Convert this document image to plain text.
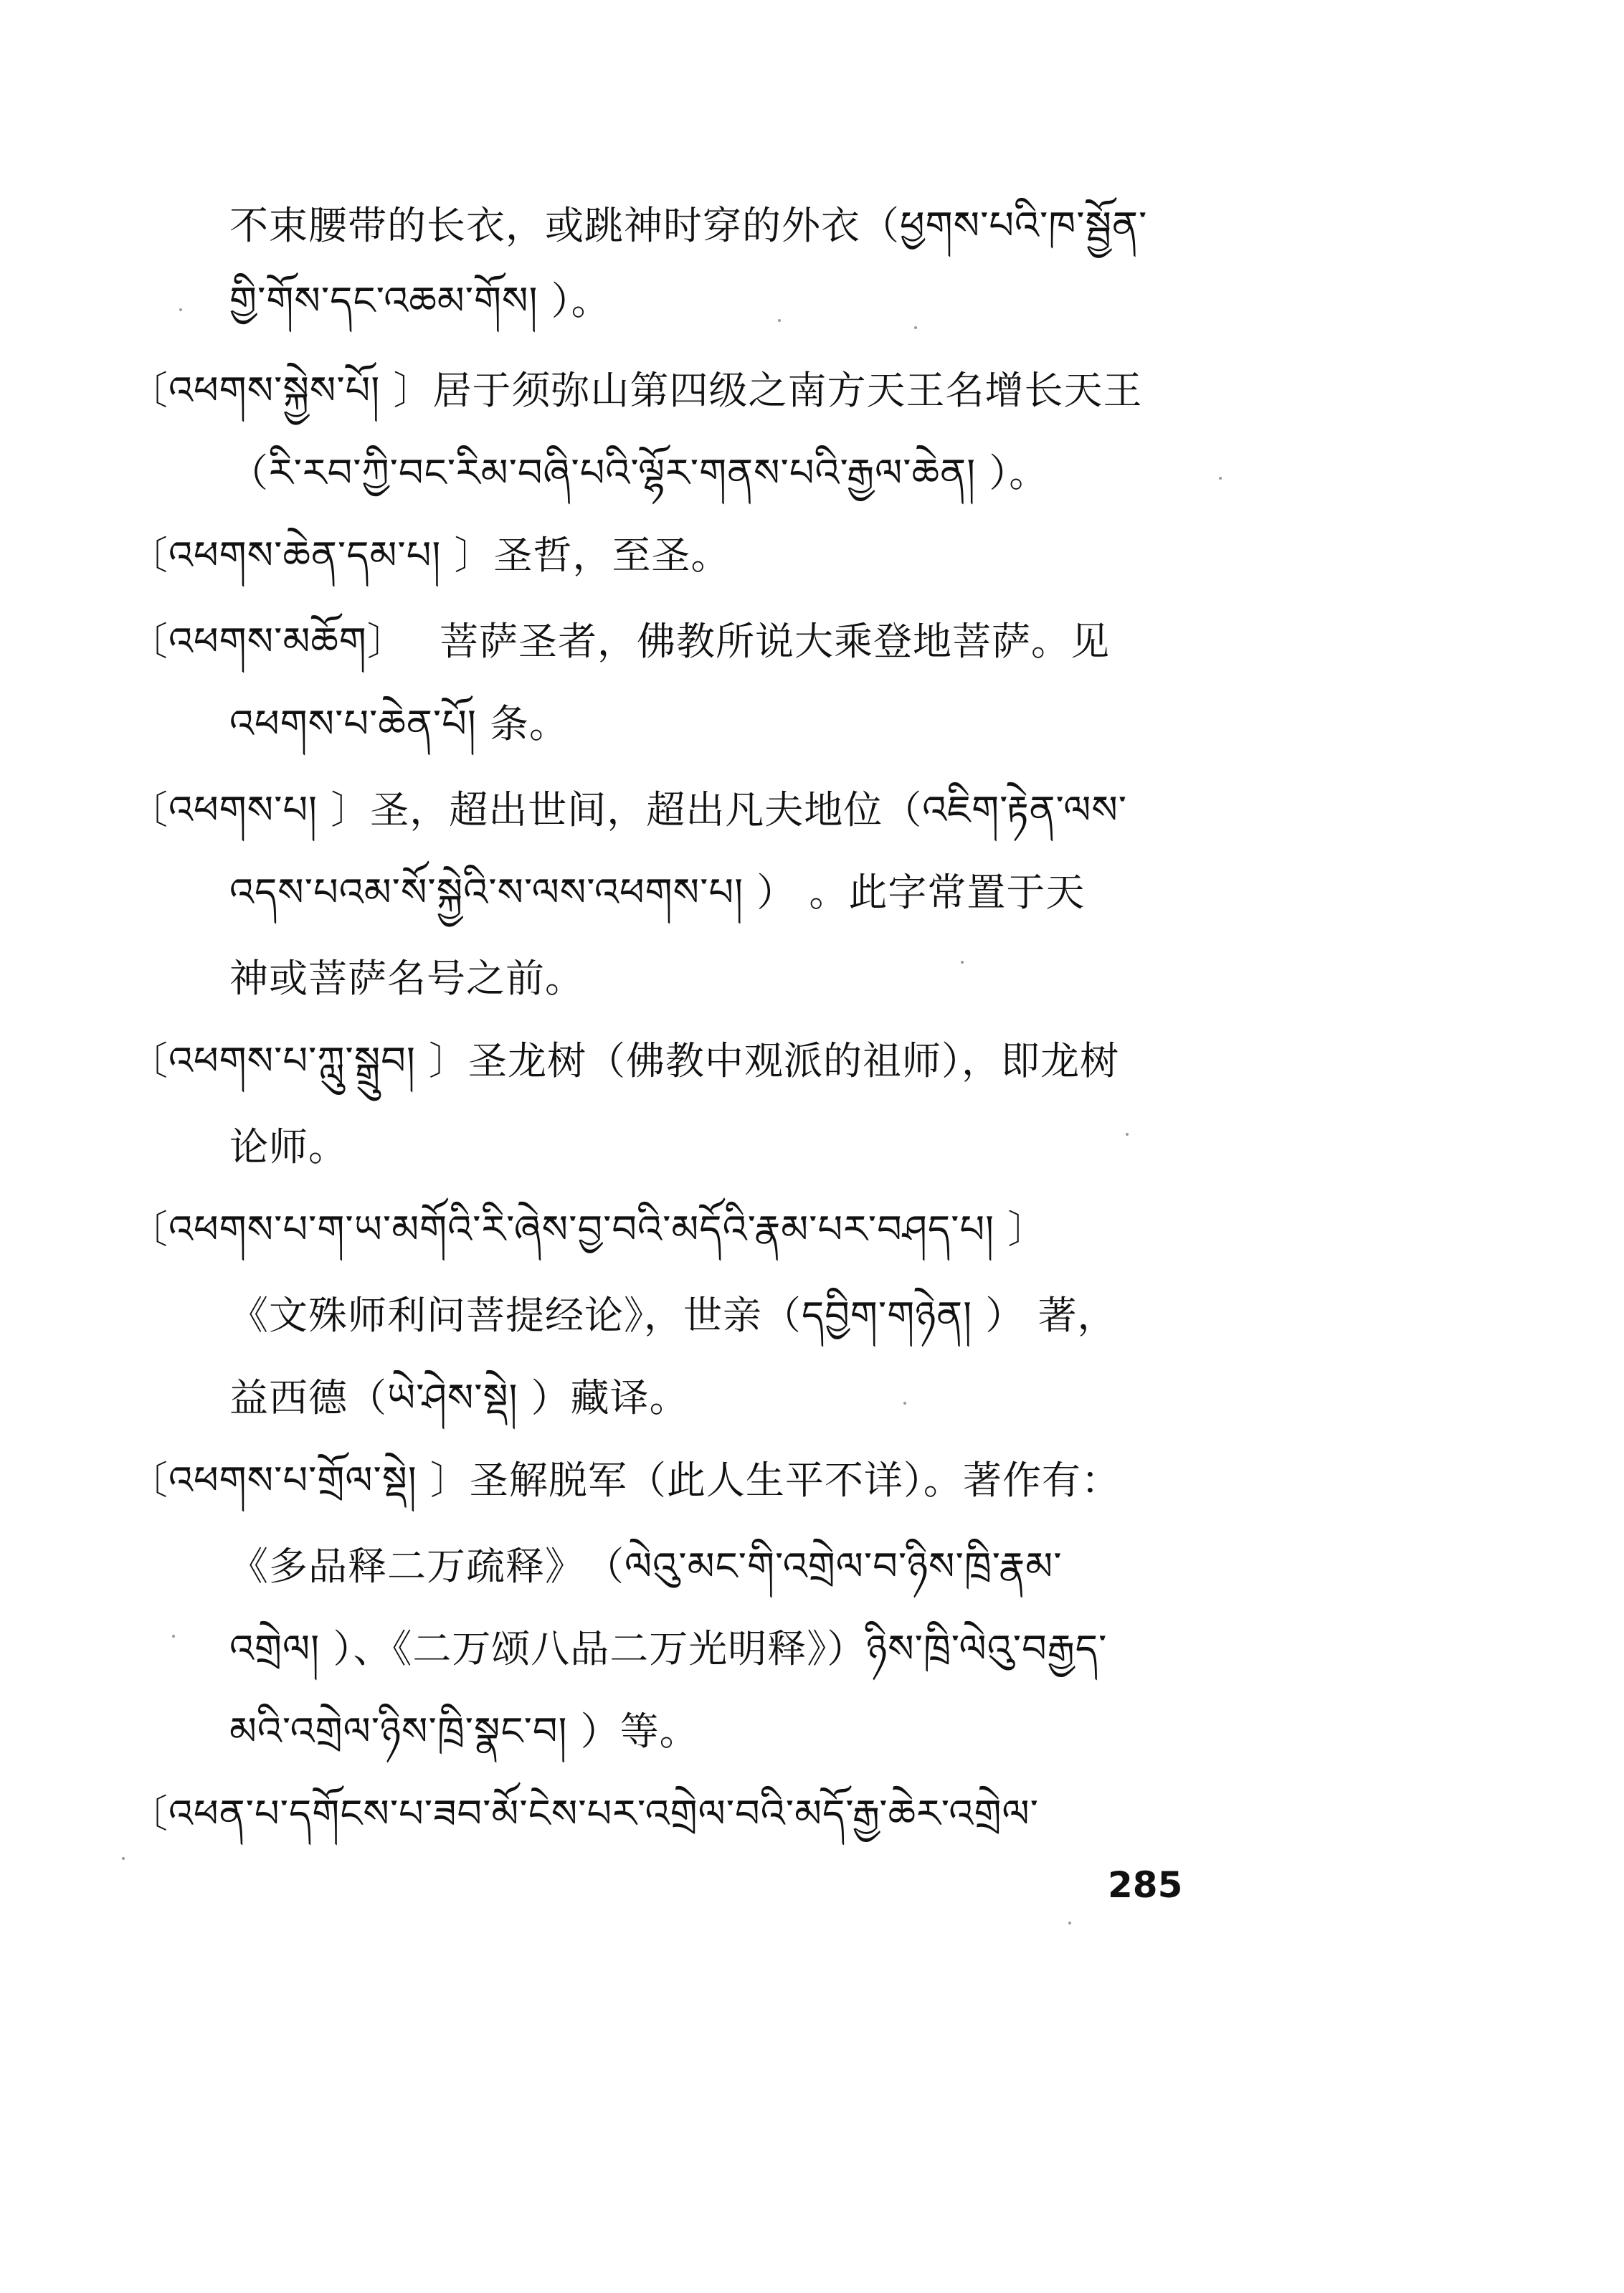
不束腰带的长衣，或跳神时穿的外衣（ཕྱགས་པའི་ཁ་སྦྱོན་
གྱི་གོས་དང་འཆམ་གོས། ）。
〔འཕགས་སྐྱེས་པོ། 〕居于须弥山第四级之南方天王名增长天王
（རི་རབ་ཀྱི་བང་རིམ་བཞི་པའི་ལྷོར་གནས་པའི་རྒྱལ་ཆེན། ）。
〔འཕགས་ཆེན་དམ་པ། 〕圣哲，至圣。
〔འཕགས་མཆོག〕　 菩萨圣者，佛教所说大乘登地菩萨。见
འཕགས་པ་ཆེན་པོ། 条。
〔འཕགས་པ། 〕圣，超出世间，超出凡夫地位（འཇིག་རྟེན་ལས་
འདས་པའམ་སོ་སྐྱེའི་ས་ལས་འཕགས་པ། ） 。此字常置于天
神或菩萨名号之前。
〔འཕགས་པ་ཀླུ་སྒྲུབ། 〕圣龙树（佛教中观派的祖师），即龙树
论师。
〔འཕགས་པ་ག་ཡ་མགོའི་རི་ཞེས་བྱ་བའི་མདོའི་རྣམ་པར་བཤད་པ། 〕
《文殊师利问菩提经论》，世亲（དབྱིག་གཉེན། ） 著，
益西德（ཡེ་ཤེས་སྡེ། ）藏译。
〔འཕགས་པ་གྲོལ་སྡེ། 〕圣解脱军（此人生平不详）。著作有：
《多品释二万疏释》　（ལེའུ་མང་གི་འགྲེལ་བ་ཉིས་ཁྲི་རྣམ་
འགྲེལ། ）、《二万颂八品二万光明释》）ཉིས་ཁྲི་ལེའུ་བརྒྱད་
མའི་འགྲེལ་ཉིས་ཁྲི་སྣང་བ། ）等。
〔འཕན་པ་དགོངས་པ་ཟབ་མོ་ངེས་པར་འགྲེལ་བའི་མདོ་རྒྱ་ཆེར་འགྲེལ་
285
